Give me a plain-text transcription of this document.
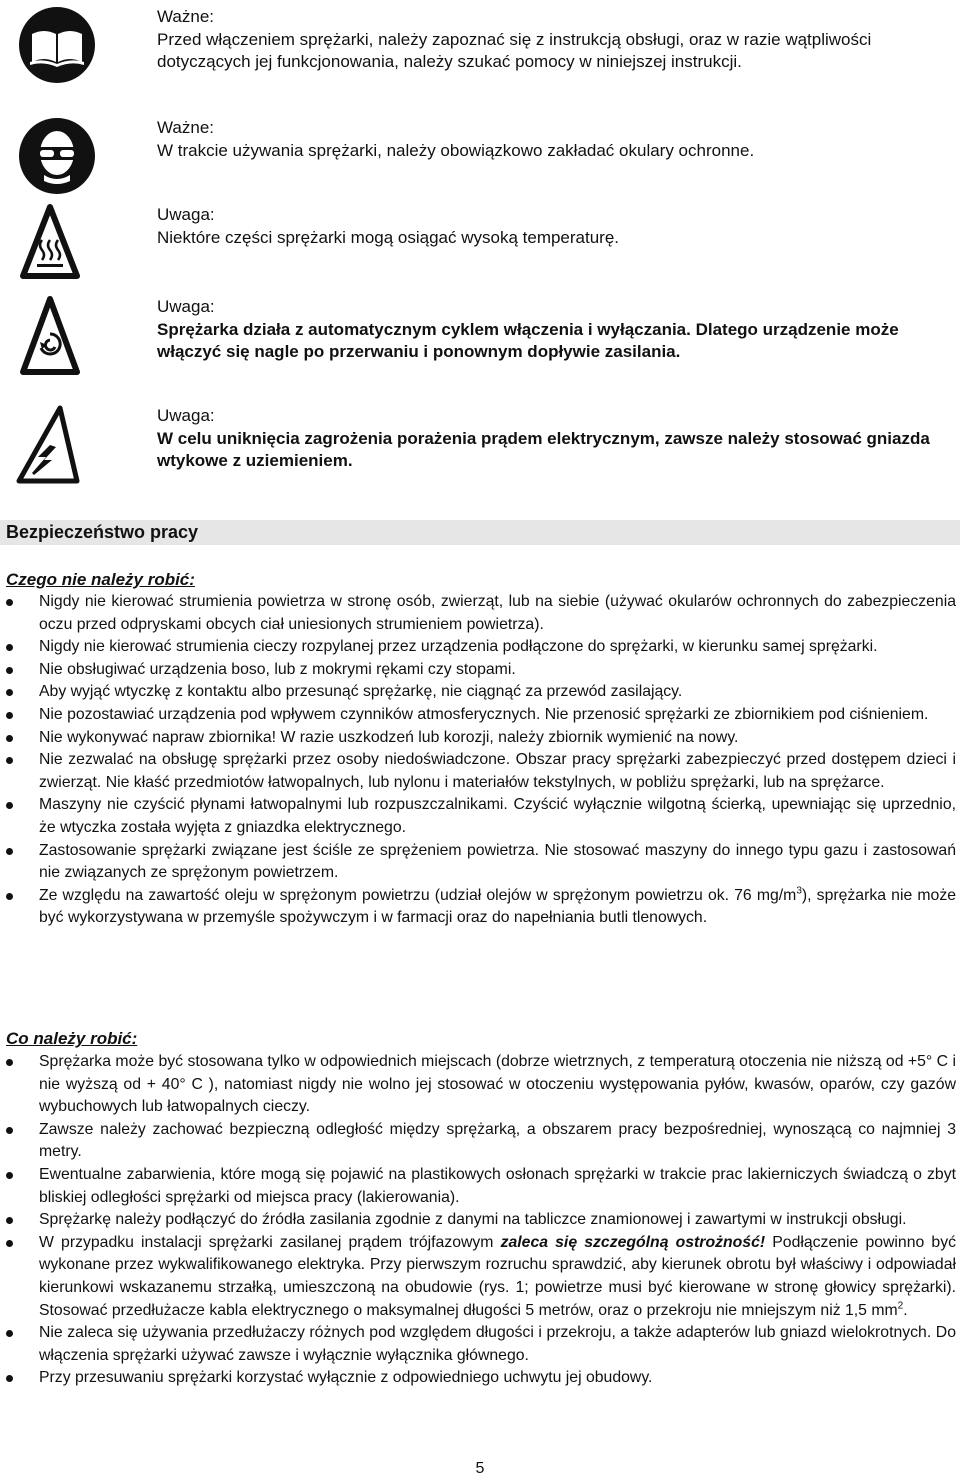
Ważne:
Przed włączeniem sprężarki, należy zapoznać się z instrukcją obsługi, oraz w razie wątpliwości dotyczących jej funkcjonowania, należy szukać pomocy w niniejszej instrukcji.
Ważne:
W trakcie używania sprężarki, należy obowiązkowo zakładać okulary ochronne.
Uwaga:
Niektóre części sprężarki mogą osiągać wysoką temperaturę.
Uwaga:
Sprężarka działa z automatycznym cyklem włączenia i wyłączania. Dlatego urządzenie może włączyć się nagle po przerwaniu i ponownym dopływie zasilania.
Uwaga:
W celu uniknięcia zagrożenia porażenia prądem elektrycznym, zawsze należy stosować gniazda wtykowe z uziemieniem.
Bezpieczeństwo pracy
Czego nie należy robić:
Nigdy nie kierować strumienia powietrza w stronę osób, zwierząt, lub na siebie (używać okularów ochronnych do zabezpieczenia oczu przed odpryskami obcych ciał uniesionych strumieniem powietrza).
Nigdy nie kierować strumienia cieczy rozpylanej przez urządzenia podłączone do sprężarki, w kierunku samej sprężarki.
Nie obsługiwać urządzenia boso, lub z mokrymi rękami czy stopami.
Aby wyjąć wtyczkę z kontaktu albo przesunąć sprężarkę, nie ciągnąć za przewód zasilający.
Nie pozostawiać urządzenia pod wpływem czynników atmosferycznych. Nie przenosić sprężarki ze zbiornikiem pod ciśnieniem.
Nie wykonywać napraw zbiornika! W razie uszkodzeń lub korozji, należy zbiornik wymienić na nowy.
Nie zezwalać na obsługę sprężarki przez osoby niedoświadczone. Obszar pracy sprężarki zabezpieczyć przed dostępem dzieci i zwierząt. Nie kłaść przedmiotów łatwopalnych, lub nylonu i materiałów tekstylnych, w pobliżu sprężarki, lub na sprężarce.
Maszyny nie czyścić płynami łatwopalnymi lub rozpuszczalnikami. Czyścić wyłącznie wilgotną ścierką, upewniając się uprzednio, że wtyczka została wyjęta z gniazdka elektrycznego.
Zastosowanie sprężarki związane jest ściśle ze sprężeniem powietrza. Nie stosować maszyny do innego typu gazu i zastosowań nie związanych ze sprężonym powietrzem.
Ze względu na zawartość oleju w sprężonym powietrzu (udział olejów w sprężonym powietrzu ok. 76 $mg/m^3$), sprężarka nie może być wykorzystywana w przemyśle spożywczym i w farmacji oraz do napełniania butli tlenowych.
Co należy robić:
Sprężarka może być stosowana tylko w odpowiednich miejscach (dobrze wietrznych, z temperaturą otoczenia nie niższą od +5° C i nie wyższą od + 40° C ), natomiast nigdy nie wolno jej stosować w otoczeniu występowania pyłów, kwasów, oparów, czy gazów wybuchowych lub łatwopalnych cieczy.
Zawsze należy zachować bezpieczną odległość między sprężarką, a obszarem pracy bezpośredniej, wynoszącą co najmniej 3 metry.
Ewentualne zabarwienia, które mogą się pojawić na plastikowych osłonach sprężarki w trakcie prac lakierniczych świadczą o zbyt bliskiej odległości sprężarki od miejsca pracy (lakierowania).
Sprężarkę należy podłączyć do źródła zasilania zgodnie z danymi na tabliczce znamionowej i zawartymi w instrukcji obsługi.
W przypadku instalacji sprężarki zasilanej prądem trójfazowym zaleca się szczególną ostrożność! Podłączenie powinno być wykonane przez wykwalifikowanego elektryka. Przy pierwszym rozruchu sprawdzić, aby kierunek obrotu był właściwy i odpowiadał kierunkowi wskazanemu strzałką, umieszczoną na obudowie (rys. 1; powietrze musi być kierowane w stronę głowicy sprężarki). Stosować przedłużacze kabla elektrycznego o maksymalnej długości 5 metrów, oraz o przekroju nie mniejszym niż 1,5 $mm^2$.
Nie zaleca się używania przedłużaczy różnych pod względem długości i przekroju, a także adapterów lub gniazd wielokrotnych. Do włączenia sprężarki używać zawsze i wyłącznie wyłącznika głównego.
Przy przesuwaniu sprężarki korzystać wyłącznie z odpowiedniego uchwytu jej obudowy.
5
